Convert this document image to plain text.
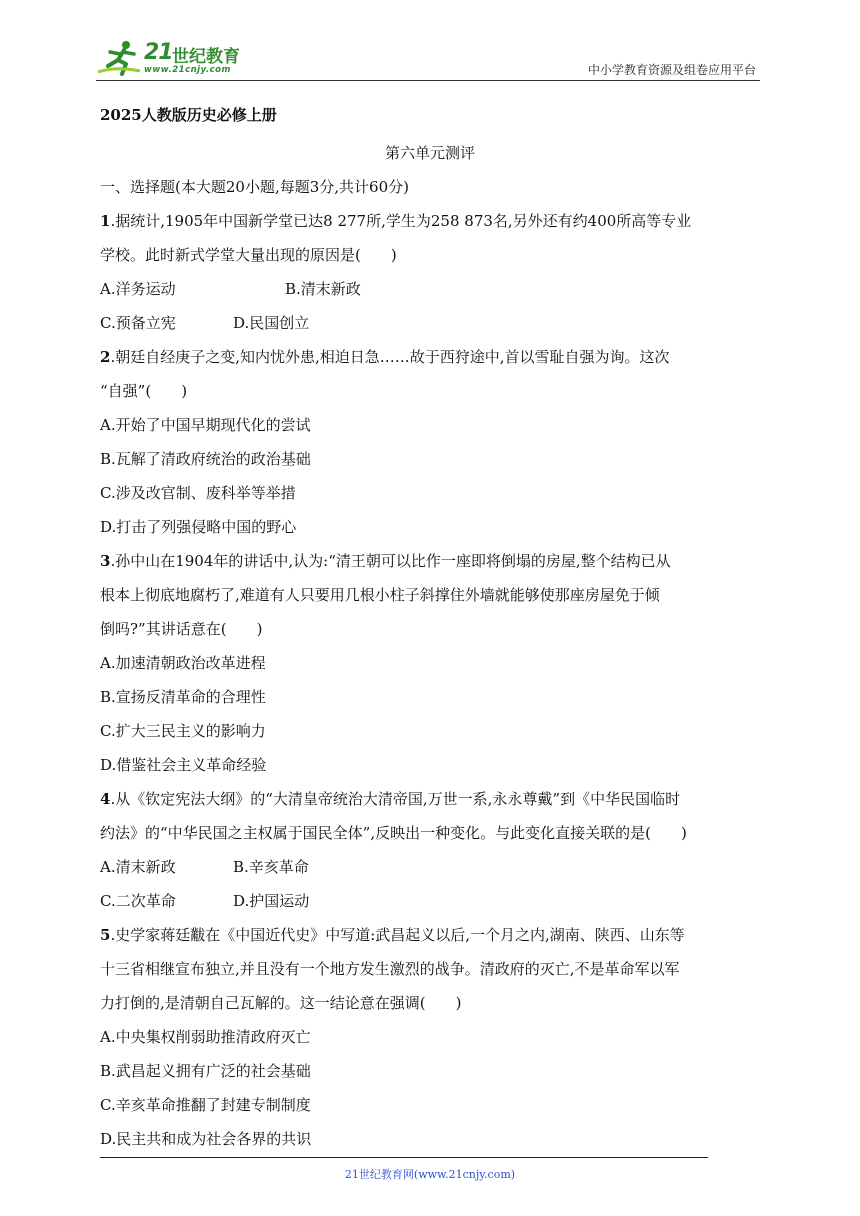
21 世纪教育
www.21cnjy.com	中小学教育资源及组卷应用平台
2025人教版历史必修上册
第六单元测评
一、选择题(本大题20小题,每题3分,共计60分)
1.据统计,1905年中国新学堂已达8 277所,学生为258 873名,另外还有约400所高等专业
学校。此时新式学堂大量出现的原因是(　　)
A.洋务运动	B.清末新政
C.预备立宪	D.民国创立
2.朝廷自经庚子之变,知内忧外患,相迫日急……故于西狩途中,首以雪耻自强为询。这次
“自强”(　　)
A.开始了中国早期现代化的尝试
B.瓦解了清政府统治的政治基础
C.涉及改官制、废科举等举措
D.打击了列强侵略中国的野心
3.孙中山在1904年的讲话中,认为:“清王朝可以比作一座即将倒塌的房屋,整个结构已从
根本上彻底地腐朽了,难道有人只要用几根小柱子斜撑住外墙就能够使那座房屋免于倾
倒吗?”其讲话意在(　　)
A.加速清朝政治改革进程
B.宣扬反清革命的合理性
C.扩大三民主义的影响力
D.借鉴社会主义革命经验
4.从《钦定宪法大纲》的“大清皇帝统治大清帝国,万世一系,永永尊戴”到《中华民国临时
约法》的“中华民国之主权属于国民全体”,反映出一种变化。与此变化直接关联的是(　　)
A.清末新政	B.辛亥革命
C.二次革命	D.护国运动
5.史学家蒋廷黻在《中国近代史》中写道:武昌起义以后,一个月之内,湖南、陕西、山东等
十三省相继宣布独立,并且没有一个地方发生激烈的战争。清政府的灭亡,不是革命军以军
力打倒的,是清朝自己瓦解的。这一结论意在强调(　　)
A.中央集权削弱助推清政府灭亡
B.武昌起义拥有广泛的社会基础
C.辛亥革命推翻了封建专制制度
D.民主共和成为社会各界的共识
21世纪教育网(www.21cnjy.com)
